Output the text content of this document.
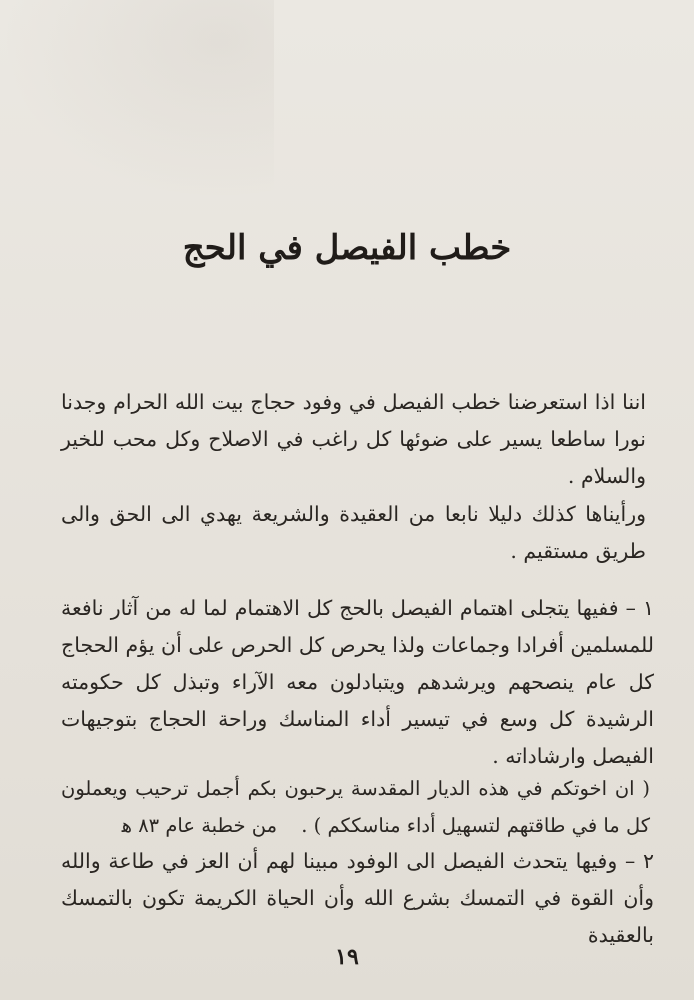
خطب الفيصل في الحج

اننا اذا استعرضنا خطب الفيصل في وفود حجاج بيت الله الحرام وجدنا نورا ساطعا يسير على ضوئها كل راغب في الاصلاح وكل محب للخير والسلام .

ورأيناها كذلك دليلا نابعا من العقيدة والشريعة يهدي الى الحق والى طريق مستقيم .

١ – ففيها يتجلى اهتمام الفيصل بالحج كل الاهتمام لما له من آثار نافعة للمسلمين أفرادا وجماعات ولذا يحرص كل الحرص على أن يؤم الحجاج كل عام ينصحهم ويرشدهم ويتبادلون معه الآراء وتبذل كل حكومته الرشيدة كل وسع في تيسير أداء المناسك وراحة الحجاج بتوجيهات الفيصل وارشاداته .

( ان اخوتكم في هذه الديار المقدسة يرحبون بكم أجمل ترحيب ويعملون كل ما في طاقتهم لتسهيل أداء مناسككم ) . من خطبة عام ٨٣ ﻫ

٢ – وفيها يتحدث الفيصل الى الوفود مبينا لهم أن العز في طاعة والله وأن القوة في التمسك بشرع الله وأن الحياة الكريمة تكون بالتمسك بالعقيدة

١٩
